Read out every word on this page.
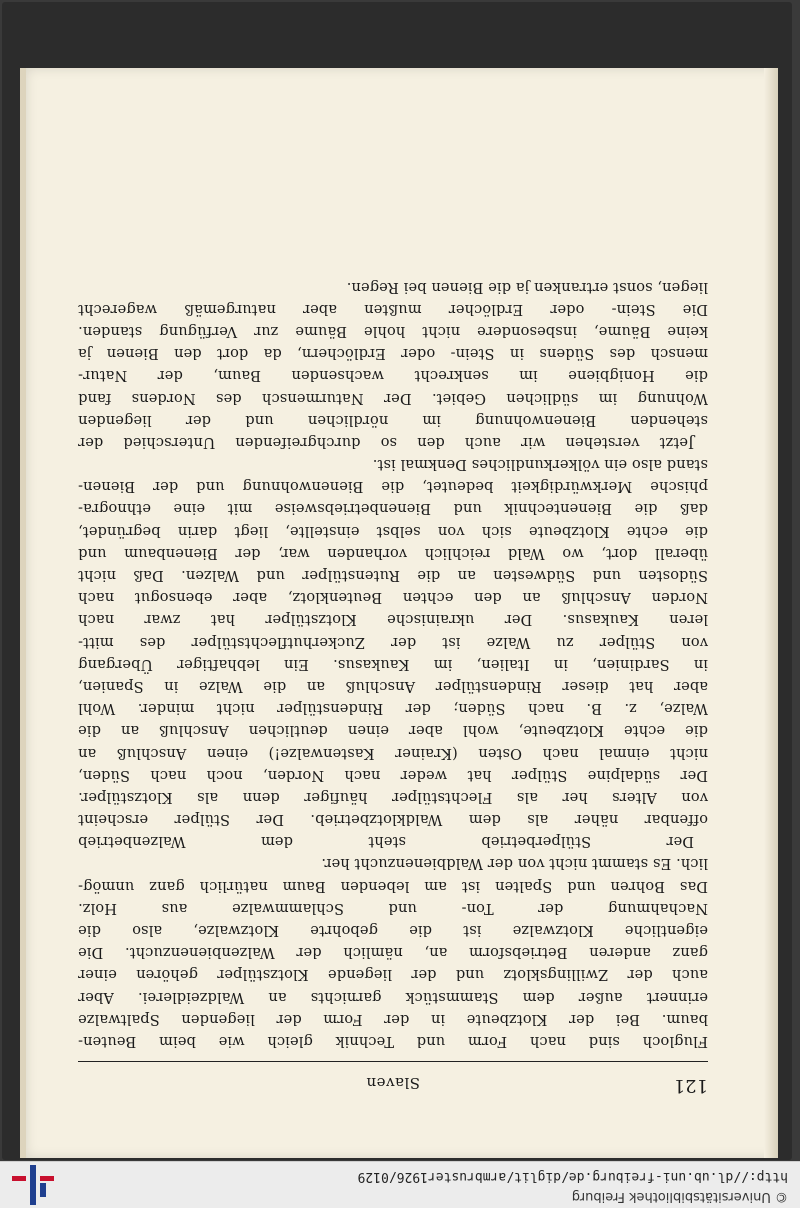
© Universitätsbibliothek Freiburg
http://dl.ub.uni-freiburg.de/diglit/armbruster1926/0129
Slaven	121
Flugloch sind nach Form und Technik gleich wie beim Beuten-
baum. Bei der Klotzbeute in der Form der liegenden Spaltwalze
erinnert außer dem Stammstück garnichts an Waldzeidlerei. Aber
auch der Zwillingsklotz und der liegende Klotzstülper gehören einer
ganz anderen Betriebsform an, nämlich der Walzenbienenzucht. Die
eigentliche Klotzwalze ist die gebohrte Klotzwalze, also die
Nachahmung der Ton- und Schlammwalze aus Holz.
Das Bohren und Spalten ist am lebenden Baum natürlich ganz unmög-
lich. Es stammt nicht von der Waldbienenzucht her.
Der Stülperbetrieb steht dem Walzenbetrieb
offenbar näher als dem Waldklotzbetrieb. Der Stülper erscheint
von Alters her als Flechtstülper häufiger denn als Klotzstülper.
Der südalpine Stülper hat weder nach Norden, noch nach Süden,
nicht einmal nach Osten (Krainer Kastenwalze!) einen Anschluß an
die echte Klotzbeute, wohl aber einen deutlichen Anschluß an die
Walze, z. B. nach Süden; der Rindenstülper nicht minder. Wohl
aber hat dieser Rindenstülper Anschluß an die Walze in Spanien,
in Sardinien, in Italien, im Kaukasus. Ein lebhaftiger Übergang
von Stülper zu Walze ist der Zuckerhutflechtstülper des mitt-
leren Kaukasus. Der ukrainische Klotzstülper hat zwar nach
Norden Anschluß an den echten Beutenklotz, aber ebensogut nach
Südosten und Südwesten an die Rutenstülper und Walzen. Daß nicht
überall dort, wo Wald reichlich vorhanden war, der Bienenbaum und
die echte Klotzbeute sich von selbst einstellte, liegt darin begründet,
daß die Bienentechnik und Bienenbetriebsweise mit eine ethnogra-
phische Merkwürdigkeit bedeutet, die Bienenwohnung und der Bienen-
stand also ein völkerkundliches Denkmal ist.
Jetzt verstehen wir auch den so durchgreifenden Unterschied der
stehenden Bienenwohnung im nördlichen und der liegenden
Wohnung im südlichen Gebiet. Der Naturmensch des Nordens fand
die Honigbiene im senkrecht wachsenden Baum, der Natur-
mensch des Südens in Stein- oder Erdlöchern, da dort den Bienen ja
keine Bäume, insbesondere nicht hohle Bäume zur Verfügung standen.
Die Stein- oder Erdlöcher mußten aber naturgemäß wagerecht
liegen, sonst ertranken ja die Bienen bei Regen.
